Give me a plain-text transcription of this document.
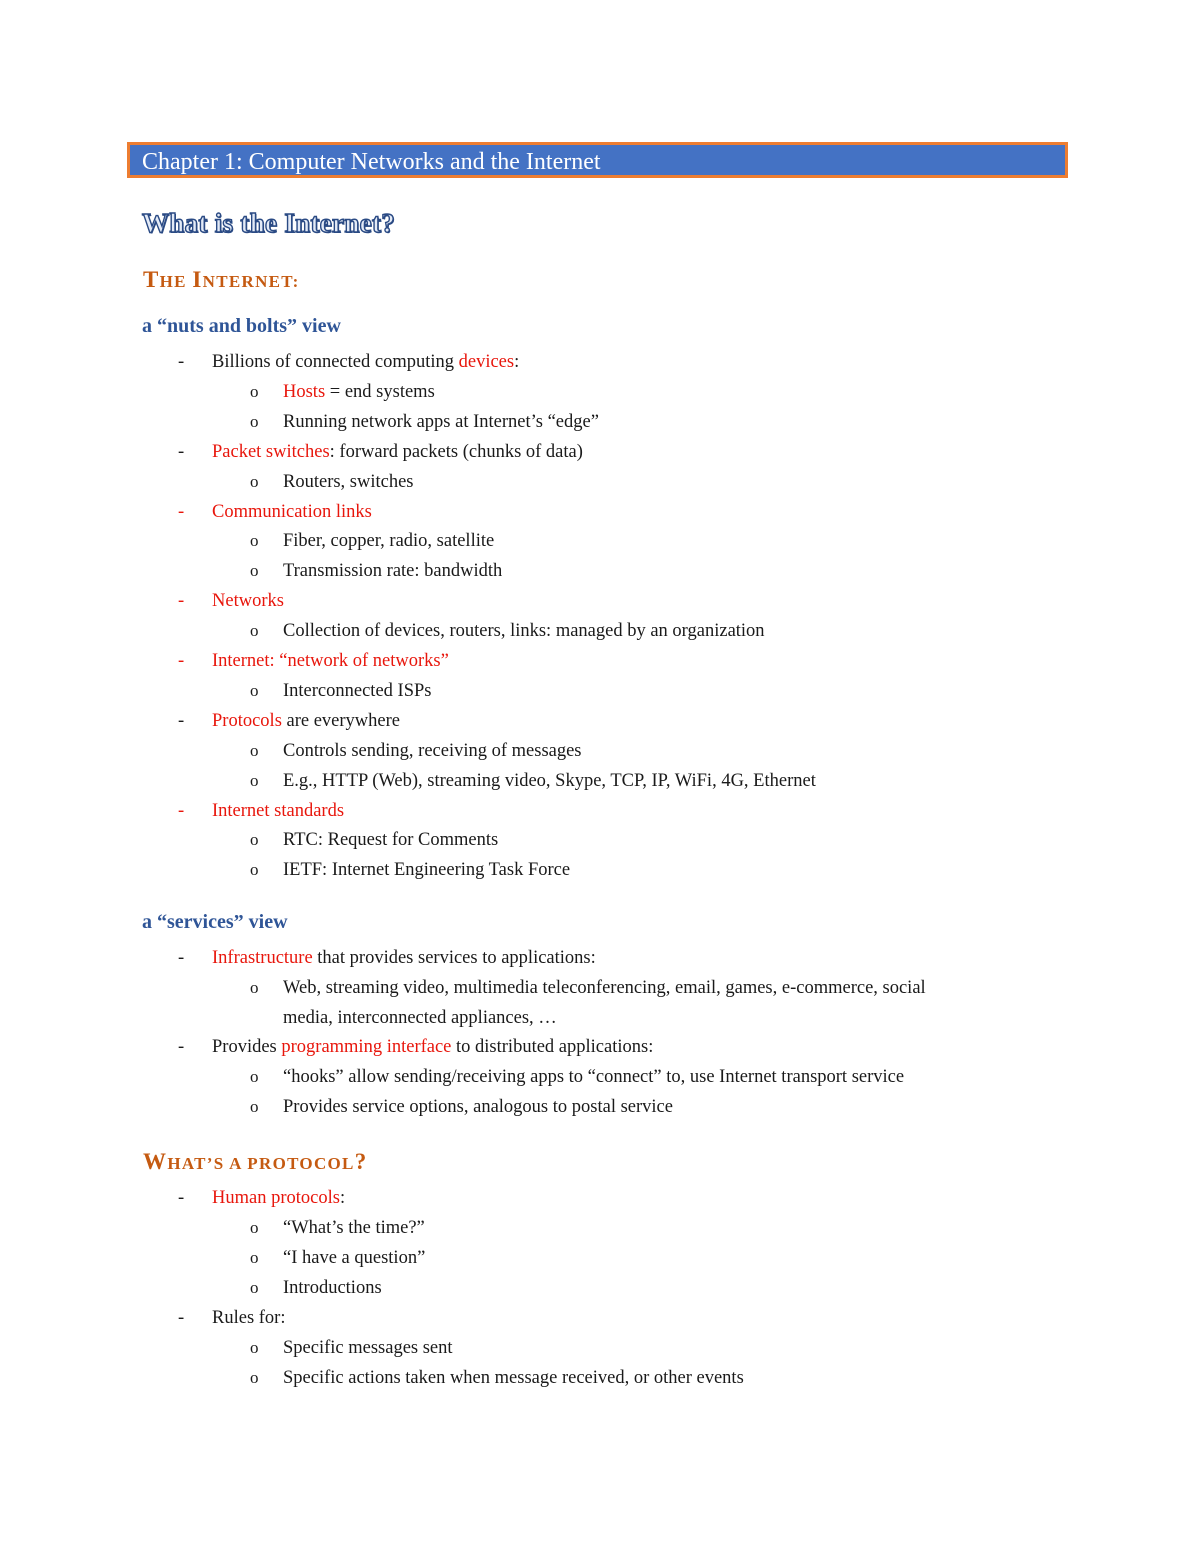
Chapter 1: Computer Networks and the Internet
What is the Internet?
THE INTERNET:
a “nuts and bolts” view
- Billions of connected computing devices:
o Hosts = end systems
o Running network apps at Internet’s “edge”
- Packet switches: forward packets (chunks of data)
o Routers, switches
- Communication links
o Fiber, copper, radio, satellite
o Transmission rate: bandwidth
- Networks
o Collection of devices, routers, links: managed by an organization
- Internet: “network of networks”
o Interconnected ISPs
- Protocols are everywhere
o Controls sending, receiving of messages
o E.g., HTTP (Web), streaming video, Skype, TCP, IP, WiFi, 4G, Ethernet
- Internet standards
o RTC: Request for Comments
o IETF: Internet Engineering Task Force
a “services” view
- Infrastructure that provides services to applications:
o Web, streaming video, multimedia teleconferencing, email, games, e-commerce, social
media, interconnected appliances, …
- Provides programming interface to distributed applications:
o “hooks” allow sending/receiving apps to “connect” to, use Internet transport service
o Provides service options, analogous to postal service
WHAT’S A PROTOCOL?
- Human protocols:
o “What’s the time?”
o “I have a question”
o Introductions
- Rules for:
o Specific messages sent
o Specific actions taken when message received, or other events
